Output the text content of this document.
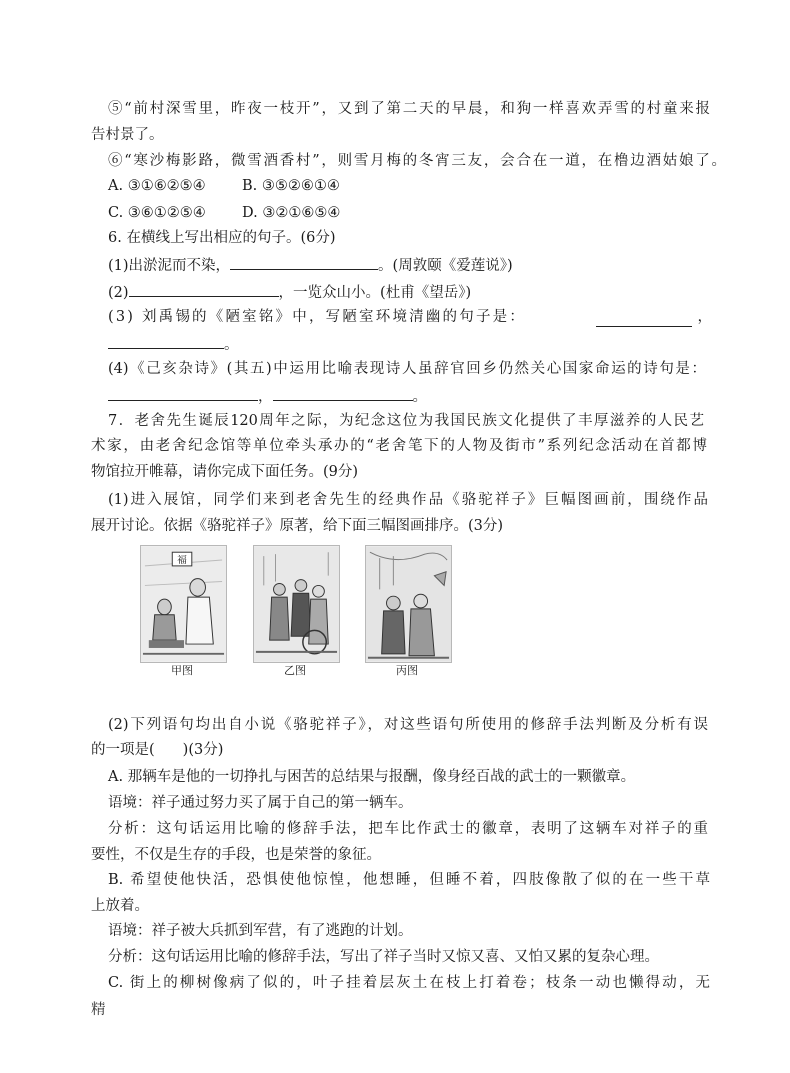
⑤“前村深雪里，昨夜一枝开”，又到了第二天的早晨，和狗一样喜欢弄雪的村童来报
告村景了。
⑥“寒沙梅影路，微雪酒香村”，则雪月梅的冬宵三友，会合在一道，在橹边酒姑娘了。
A. ③①⑥②⑤④	B. ③⑤②⑥①④
C. ③⑥①②⑤④ D. ③②①⑥⑤④
6. 在横线上写出相应的句子。(6分)
(1)出淤泥而不染，	。(周敦颐《爱莲说》)
(2)	，一览众山小。(杜甫《望岳》)
(3) 刘禹锡的《陋室铭》中，写陋室环境清幽的句子是：	，
。
(4)《己亥杂诗》(其五)中运用比喻表现诗人虽辞官回乡仍然关心国家命运的诗句是：
，	。
7．老舍先生诞辰120周年之际，为纪念这位为我国民族文化提供了丰厚滋养的人民艺
术家，由老舍纪念馆等单位牵头承办的“老舍笔下的人物及街市”系列纪念活动在首都博
物馆拉开帷幕，请你完成下面任务。(9分)
(1)进入展馆，同学们来到老舍先生的经典作品《骆驼祥子》巨幅图画前，围绕作品
展开讨论。依据《骆驼祥子》原著，给下面三幅图画排序。(3分)
福
甲图	乙图	丙图
(2)下列语句均出自小说《骆驼祥子》，对这些语句所使用的修辞手法判断及分析有误
的一项是( )(3分)
A. 那辆车是他的一切挣扎与困苦的总结果与报酬，像身经百战的武士的一颗徽章。
语境：祥子通过努力买了属于自己的第一辆车。
分析：这句话运用比喻的修辞手法，把车比作武士的徽章，表明了这辆车对祥子的重
要性，不仅是生存的手段，也是荣誉的象征。
B. 希望使他快活，恐惧使他惊惶，他想睡，但睡不着，四肢像散了似的在一些干草
上放着。
语境：祥子被大兵抓到军营，有了逃跑的计划。
分析：这句话运用比喻的修辞手法，写出了祥子当时又惊又喜、又怕又累的复杂心理。
C. 街上的柳树像病了似的，叶子挂着层灰土在枝上打着卷；枝条一动也懒得动，无
精
